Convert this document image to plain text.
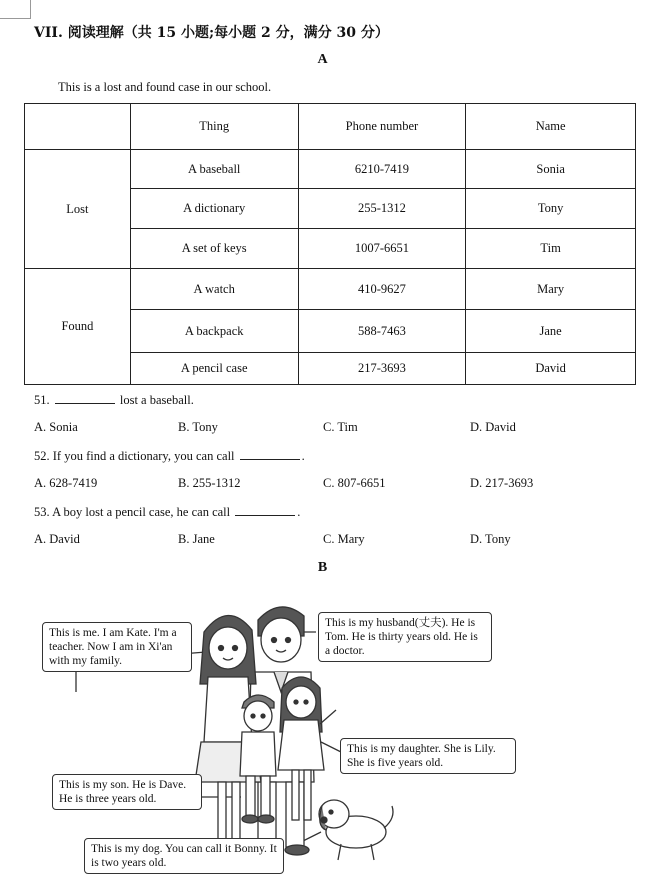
VII. 阅读理解（共 15 小题;每小题 2 分，满分 30 分）
A
This is a lost and found case in our school.
	Thing	Phone number	Name
Lost	A baseball	6210-7419	Sonia
	A dictionary	255-1312	Tony
	A set of keys	1007-6651	Tim
Found	A watch	410-9627	Mary
	A backpack	588-7463	Jane
	A pencil case	217-3693	David
51.	lost a baseball.
A. Sonia	B. Tony	C. Tim	D. David
52. If you find a dictionary, you can call	.
A. 628-7419	B. 255-1312	C. 807-6651	D. 217-3693
53. A boy lost a pencil case, he can call	.
A. David	B. Jane	C. Mary	D. Tony
B
This is me. I am Kate. I'm a teacher. Now I am in Xi'an with my family.
This is my husband(丈夫). He is Tom. He is thirty years old. He is a doctor.
This is my daughter. She is Lily. She is five years old.
This is my son. He is Dave. He is three years old.
This is my dog. You can call it Bonny. It is two years old.
